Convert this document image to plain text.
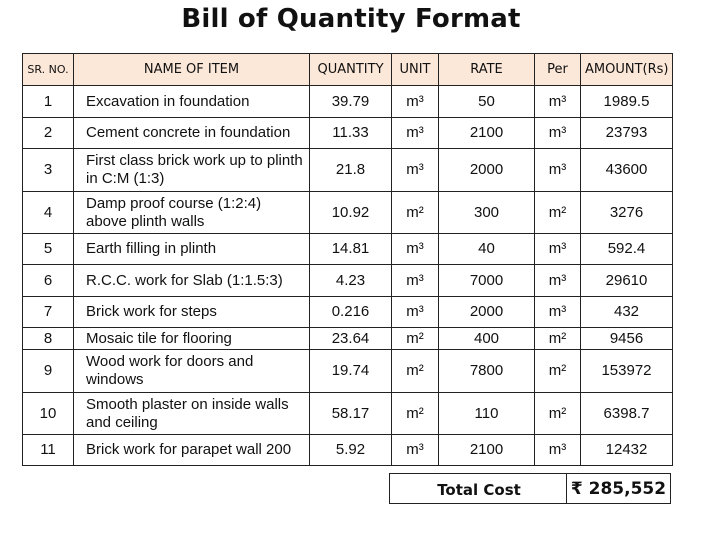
Bill of Quantity Format
SR. NO.	NAME OF ITEM	QUANTITY	UNIT	RATE	Per	AMOUNT(Rs)
1	Excavation in foundation	39.79	m³	50	m³	1989.5
2	Cement concrete in foundation	11.33	m³	2100	m³	23793
3	First class brick work up to plinth in C:M (1:3)	21.8	m³	2000	m³	43600
4	Damp proof course (1:2:4) above plinth walls	10.92	m²	300	m²	3276
5	Earth filling in plinth	14.81	m³	40	m³	592.4
6	R.C.C. work for Slab (1:1.5:3)	4.23	m³	7000	m³	29610
7	Brick work for steps	0.216	m³	2000	m³	432
8	Mosaic tile for flooring	23.64	m²	400	m²	9456
9	Wood work for doors and windows	19.74	m²	7800	m²	153972
10	Smooth plaster on inside walls and ceiling	58.17	m²	110	m²	6398.7
11	Brick work for parapet wall 200	5.92	m³	2100	m³	12432
Total Cost	₹ 285,552
